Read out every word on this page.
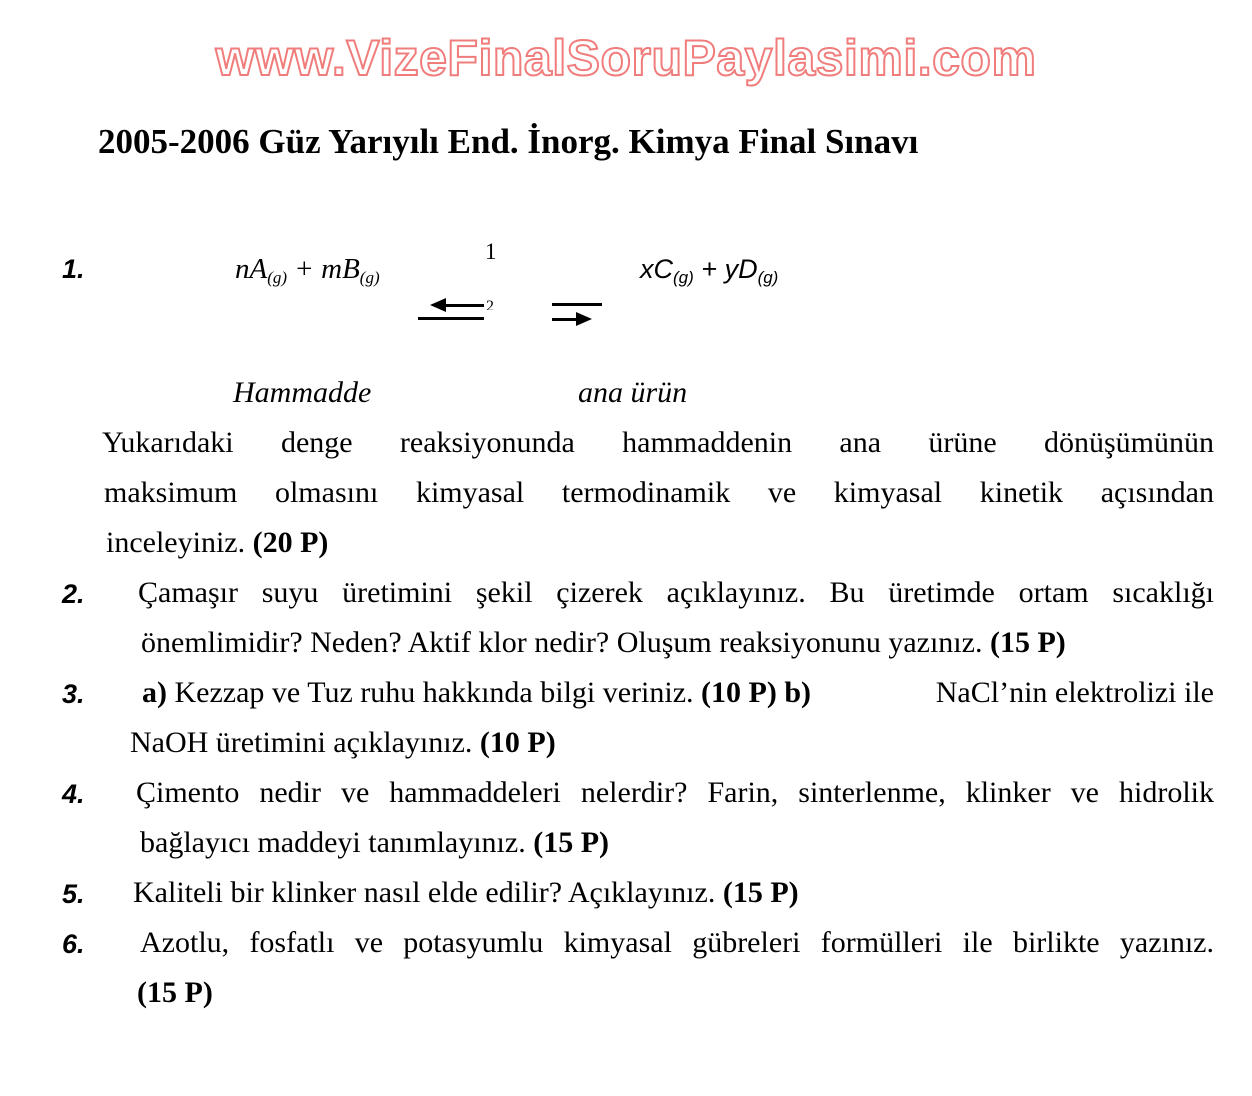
www.VizeFinalSoruPaylasimi.com
2005-2006 Güz Yarıyılı End. İnorg. Kimya Final Sınavı
1.	$nA_{(g)} + mB_{(g)}$
1
2
$xC_{(g)} + yD_{(g)}$
Hammadde	ana ürün
Yukarıdaki denge reaksiyonunda hammaddenin ana ürüne dönüşümünün
maksimum olmasını kimyasal termodinamik ve kimyasal kinetik açısından
inceleyiniz. (20 P)
2. Çamaşır suyu üretimini şekil çizerek açıklayınız. Bu üretimde ortam sıcaklığı
önemlimidir? Neden? Aktif klor nedir? Oluşum reaksiyonunu yazınız. (15 P)
3. a) Kezzap ve Tuz ruhu hakkında bilgi veriniz. (10 P) b)	NaCl’nin elektrolizi ile
NaOH üretimini açıklayınız. (10 P)
4. Çimento nedir ve hammaddeleri nelerdir? Farin, sinterlenme, klinker ve hidrolik
bağlayıcı maddeyi tanımlayınız. (15 P)
5. Kaliteli bir klinker nasıl elde edilir? Açıklayınız. (15 P)
6. Azotlu, fosfatlı ve potasyumlu kimyasal gübreleri formülleri ile birlikte yazınız.
(15 P)
